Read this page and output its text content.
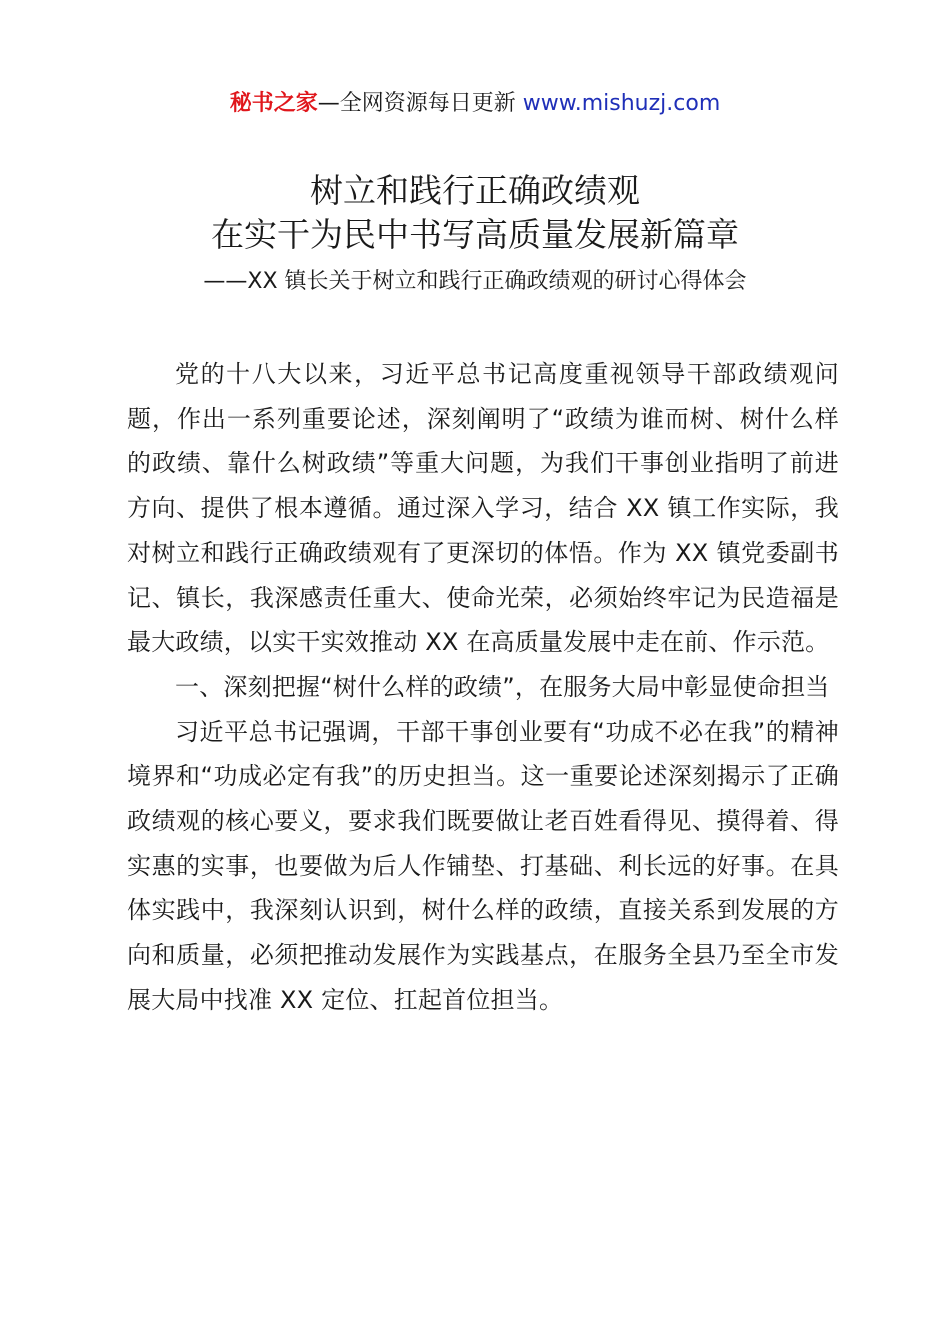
秘书之家—全网资源每日更新 www.mishuzj.com
树立和践行正确政绩观
在实干为民中书写高质量发展新篇章
——XX 镇长关于树立和践行正确政绩观的研讨心得体会

党的十八大以来，习近平总书记高度重视领导干部政绩观问题，作出一系列重要论述，深刻阐明了“政绩为谁而树、树什么样的政绩、靠什么树政绩”等重大问题，为我们干事创业指明了前进方向、提供了根本遵循。通过深入学习，结合 XX 镇工作实际，我对树立和践行正确政绩观有了更深切的体悟。作为 XX 镇党委副书记、镇长，我深感责任重大、使命光荣，必须始终牢记为民造福是最大政绩，以实干实效推动 XX 在高质量发展中走在前、作示范。

一、深刻把握“树什么样的政绩”，在服务大局中彰显使命担当

习近平总书记强调，干部干事创业要有“功成不必在我”的精神境界和“功成必定有我”的历史担当。这一重要论述深刻揭示了正确政绩观的核心要义，要求我们既要做让老百姓看得见、摸得着、得实惠的实事，也要做为后人作铺垫、打基础、利长远的好事。在具体实践中，我深刻认识到，树什么样的政绩，直接关系到发展的方向和质量，必须把推动发展作为实践基点，在服务全县乃至全市发展大局中找准 XX 定位、扛起首位担当。
